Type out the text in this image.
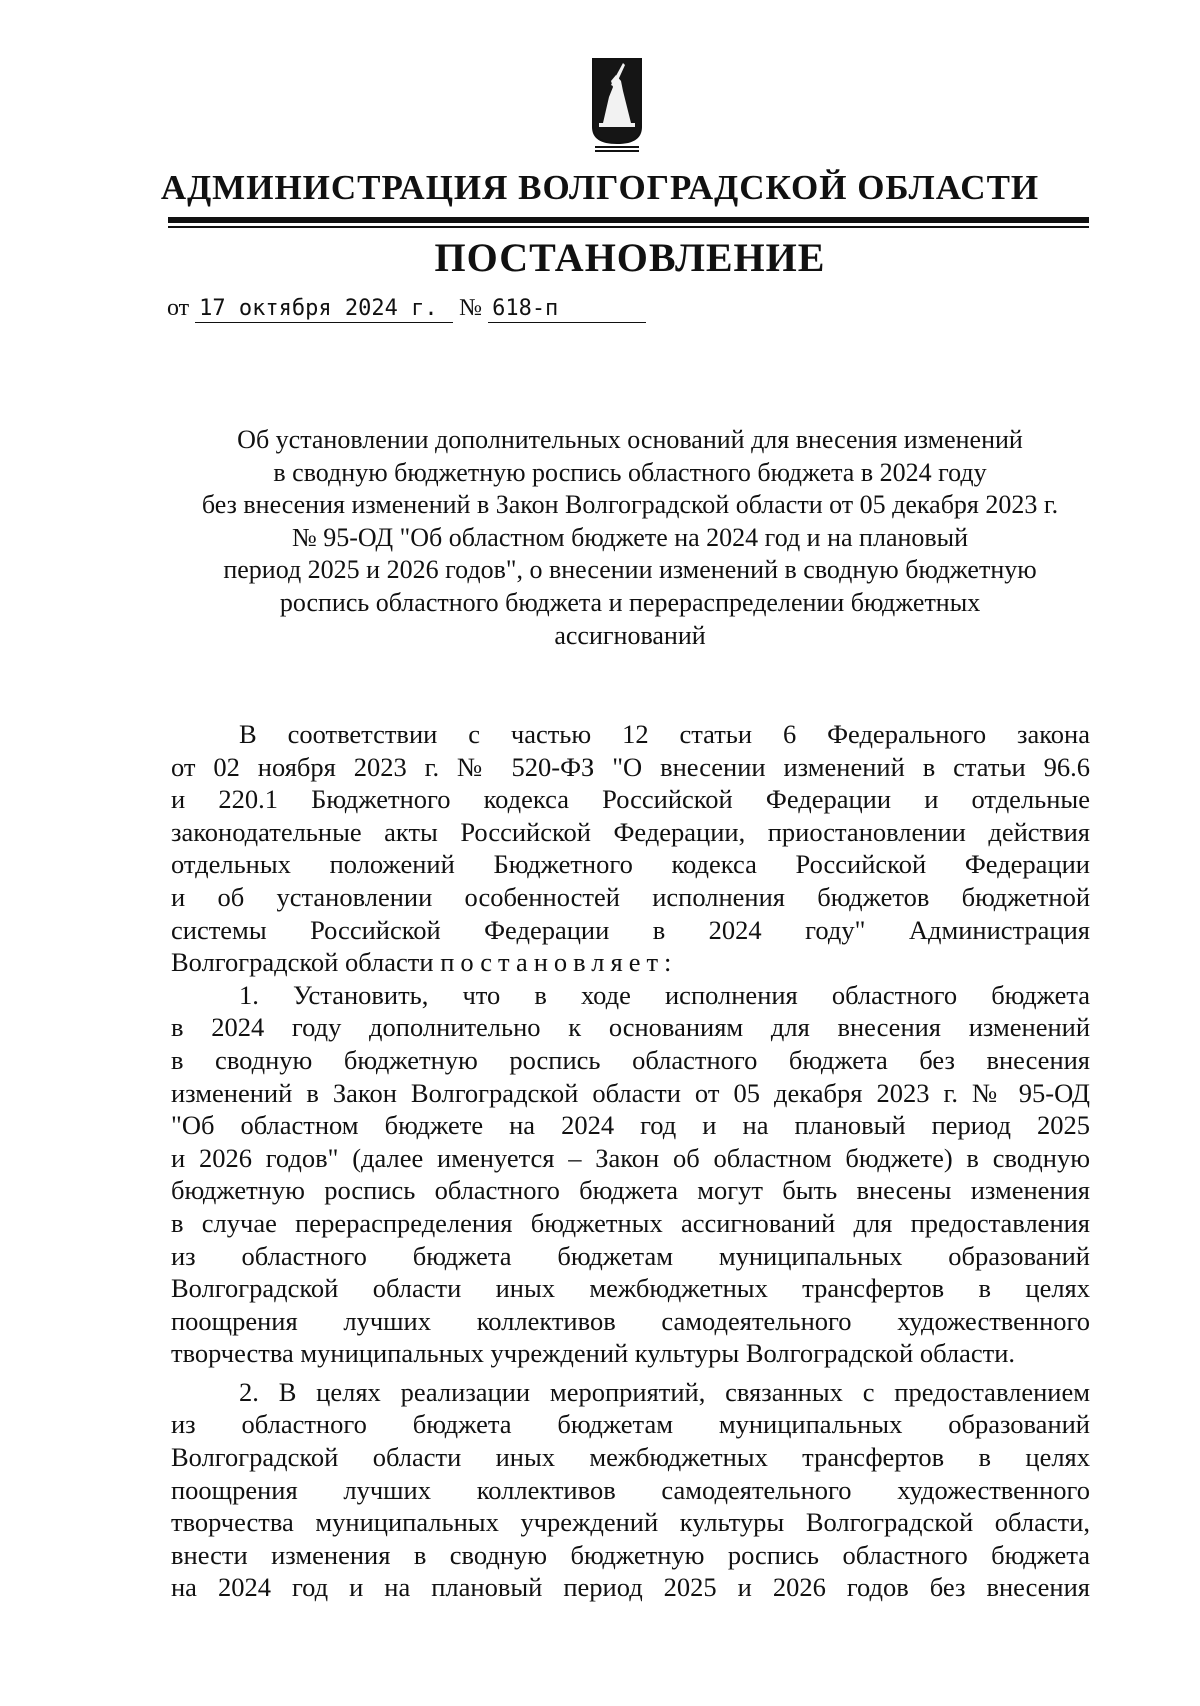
АДМИНИСТРАЦИЯ ВОЛГОГРАДСКОЙ ОБЛАСТИ
ПОСТАНОВЛЕНИЕ
от 17 октября 2024 г. № 618-п
Об установлении дополнительных оснований для внесения изменений
в сводную бюджетную роспись областного бюджета в 2024 году
без внесения изменений в Закон Волгоградской области от 05 декабря 2023 г.
№ 95-ОД "Об областном бюджете на 2024 год и на плановый
период 2025 и 2026 годов", о внесении изменений в сводную бюджетную
роспись областного бюджета и перераспределении бюджетных
ассигнований
В соответствии с частью 12 статьи 6 Федерального закона
от 02 ноября 2023 г. № 520-ФЗ "О внесении изменений в статьи 96.6
и 220.1 Бюджетного кодекса Российской Федерации и отдельные
законодательные акты Российской Федерации, приостановлении действия
отдельных положений Бюджетного кодекса Российской Федерации
и об установлении особенностей исполнения бюджетов бюджетной
системы Российской Федерации в 2024 году" Администрация
Волгоградской области постановляет:
1. Установить, что в ходе исполнения областного бюджета
в 2024 году дополнительно к основаниям для внесения изменений
в сводную бюджетную роспись областного бюджета без внесения
изменений в Закон Волгоградской области от 05 декабря 2023 г. № 95-ОД
"Об областном бюджете на 2024 год и на плановый период 2025
и 2026 годов" (далее именуется – Закон об областном бюджете) в сводную
бюджетную роспись областного бюджета могут быть внесены изменения
в случае перераспределения бюджетных ассигнований для предоставления
из областного бюджета бюджетам муниципальных образований
Волгоградской области иных межбюджетных трансфертов в целях
поощрения лучших коллективов самодеятельного художественного
творчества муниципальных учреждений культуры Волгоградской области.
2. В целях реализации мероприятий, связанных с предоставлением
из областного бюджета бюджетам муниципальных образований
Волгоградской области иных межбюджетных трансфертов в целях
поощрения лучших коллективов самодеятельного художественного
творчества муниципальных учреждений культуры Волгоградской области,
внести изменения в сводную бюджетную роспись областного бюджета
на 2024 год и на плановый период 2025 и 2026 годов без внесения
